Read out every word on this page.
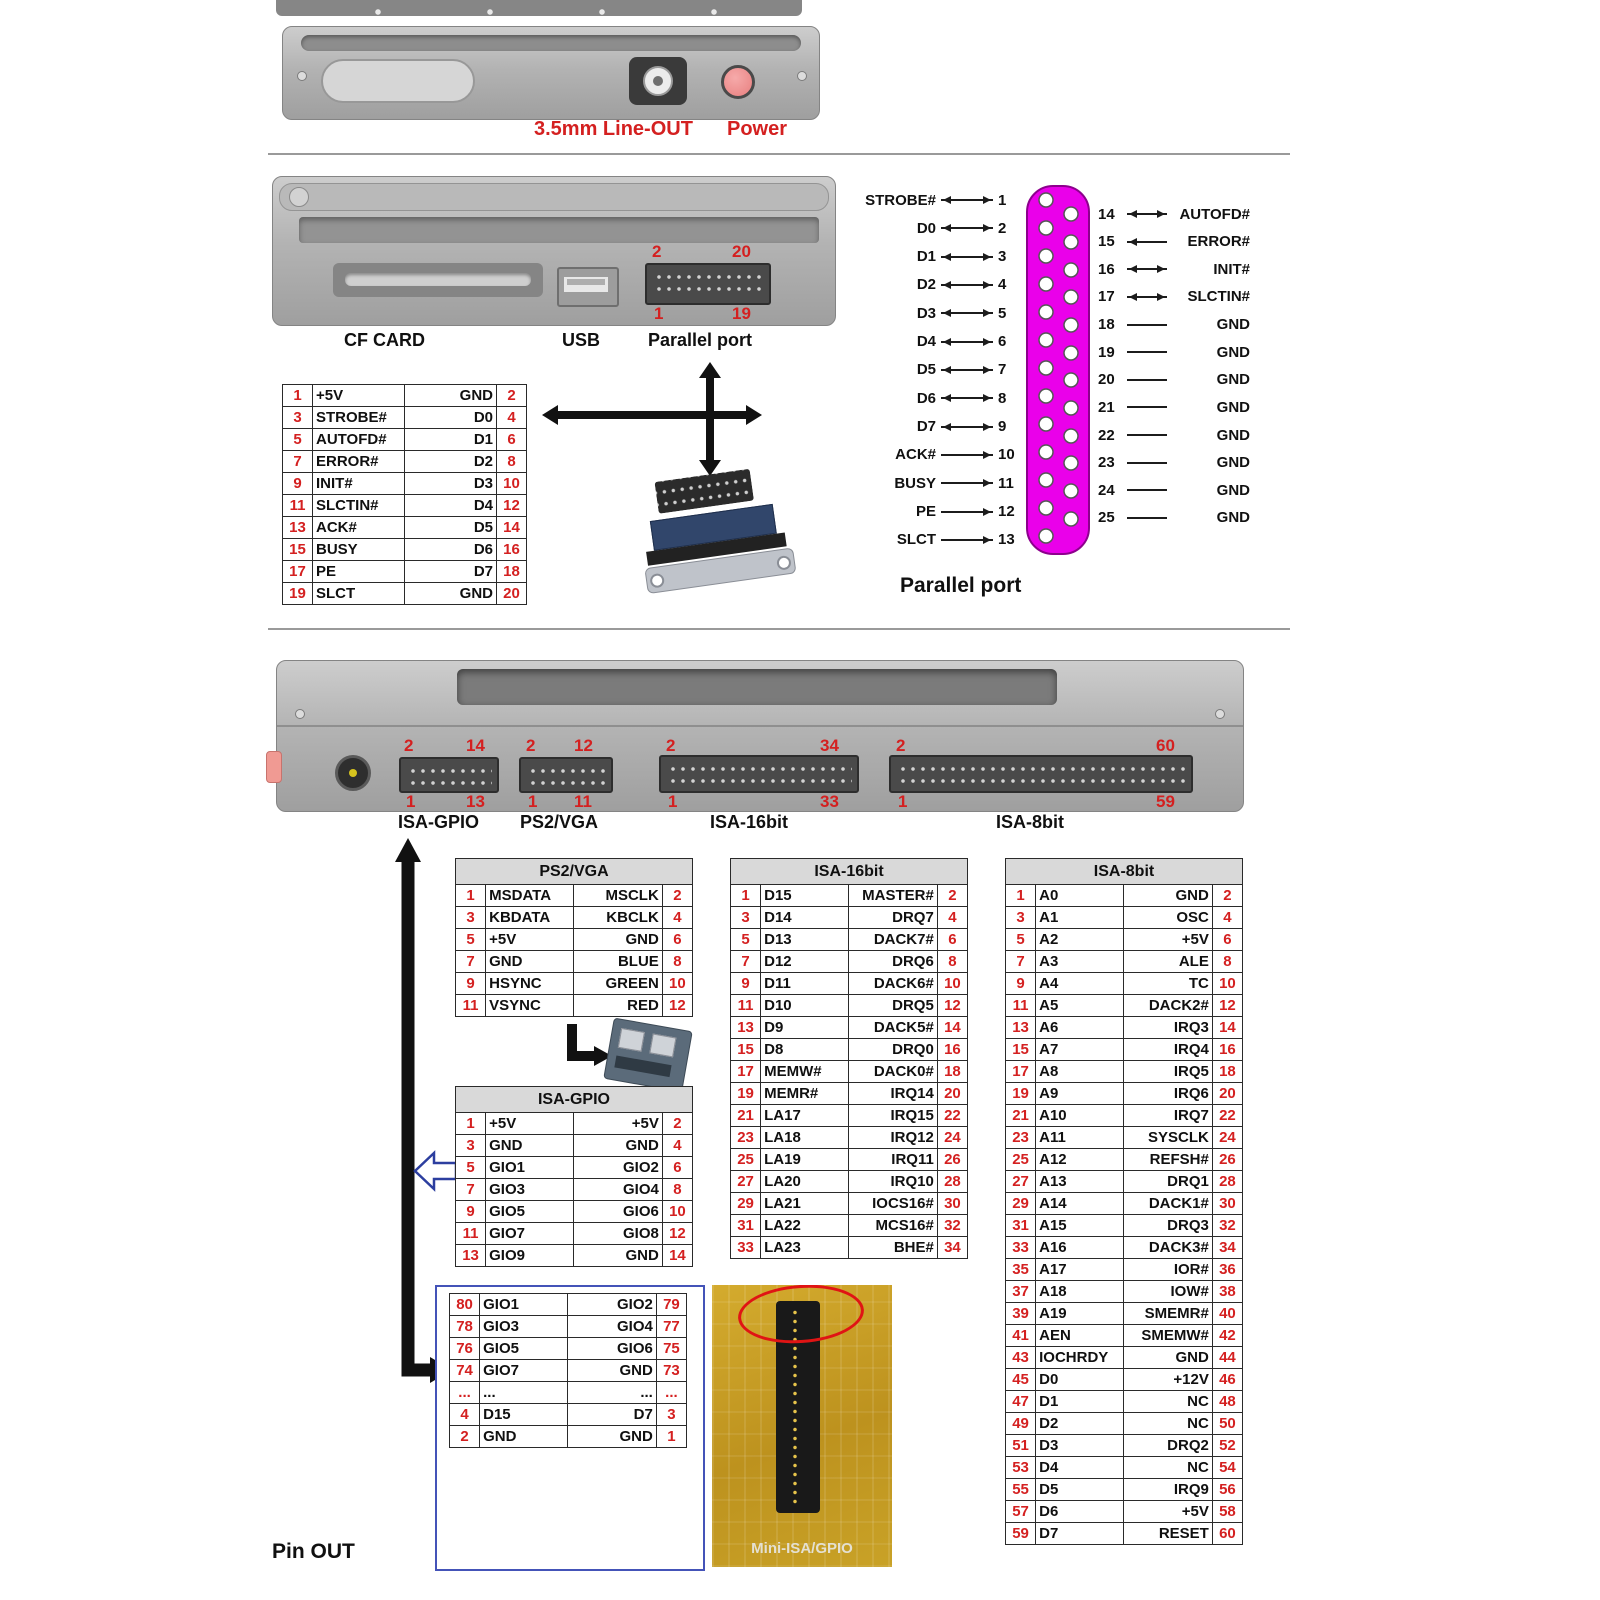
3.5mm Line-OUT Power
2	20
1	19
CF CARD	USB	Parallel port
1	+5V	GND	2
3	STROBE#	D0	4
5	AUTOFD#	D1	6
7	ERROR#	D2	8
9	INIT#	D3	10
11	SLCTIN#	D4	12
13	ACK#	D5	14
15	BUSY	D6	16
17	PE	D7	18
19	SLCT	GND	20
STROBE#	1
D0	2
D1	3
D2	4
D3	5
D4	6
D5	7
D6	8
D7	9
ACK#	10
BUSY	11
PE	12
SLCT	13
14	AUTOFD#
15	ERROR#
16	INIT#
17	SLCTIN#
18	GND
19	GND
20	GND
21	GND
22	GND
23	GND
24	GND
25	GND
Parallel port
2	14
1	13
2 12
1 11
2	34
1	33
2	60
1	59
ISA-GPIO PS2/VGA	ISA-16bit	ISA-8bit
PS2/VGA			
1	MSDATA	MSCLK	2
3	KBDATA	KBCLK	4
5	+5V	GND	6
7	GND	BLUE	8
9	HSYNC	GREEN	10
11	VSYNC	RED	12
ISA-GPIO			
1	+5V	+5V	2
3	GND	GND	4
5	GIO1	GIO2	6
7	GIO3	GIO4	8
9	GIO5	GIO6	10
11	GIO7	GIO8	12
13	GIO9	GND	14
ISA-16bit			
1	D15	MASTER#	2
3	D14	DRQ7	4
5	D13	DACK7#	6
7	D12	DRQ6	8
9	D11	DACK6#	10
11	D10	DRQ5	12
13	D9	DACK5#	14
15	D8	DRQ0	16
17	MEMW#	DACK0#	18
19	MEMR#	IRQ14	20
21	LA17	IRQ15	22
23	LA18	IRQ12	24
25	LA19	IRQ11	26
27	LA20	IRQ10	28
29	LA21	IOCS16#	30
31	LA22	MCS16#	32
33	LA23	BHE#	34
ISA-8bit			
1	A0	GND	2
3	A1	OSC	4
5	A2	+5V	6
7	A3	ALE	8
9	A4	TC	10
11	A5	DACK2#	12
13	A6	IRQ3	14
15	A7	IRQ4	16
17	A8	IRQ5	18
19	A9	IRQ6	20
21	A10	IRQ7	22
23	A11	SYSCLK	24
25	A12	REFSH#	26
27	A13	DRQ1	28
29	A14	DACK1#	30
31	A15	DRQ3	32
33	A16	DACK3#	34
35	A17	IOR#	36
37	A18	IOW#	38
39	A19	SMEMR#	40
41	AEN	SMEMW#	42
43	IOCHRDY	GND	44
45	D0	+12V	46
47	D1	NC	48
49	D2	NC	50
51	D3	DRQ2	52
53	D4	NC	54
55	D5	IRQ9	56
57	D6	+5V	58
59	D7	RESET	60
80	GIO1	GIO2	79
78	GIO3	GIO4	77
76	GIO5	GIO6	75
74	GIO7	GND	73
...	...	...	...
4	D15	D7	3
2	GND	GND	1
Mini-ISA/GPIO
Pin OUT
